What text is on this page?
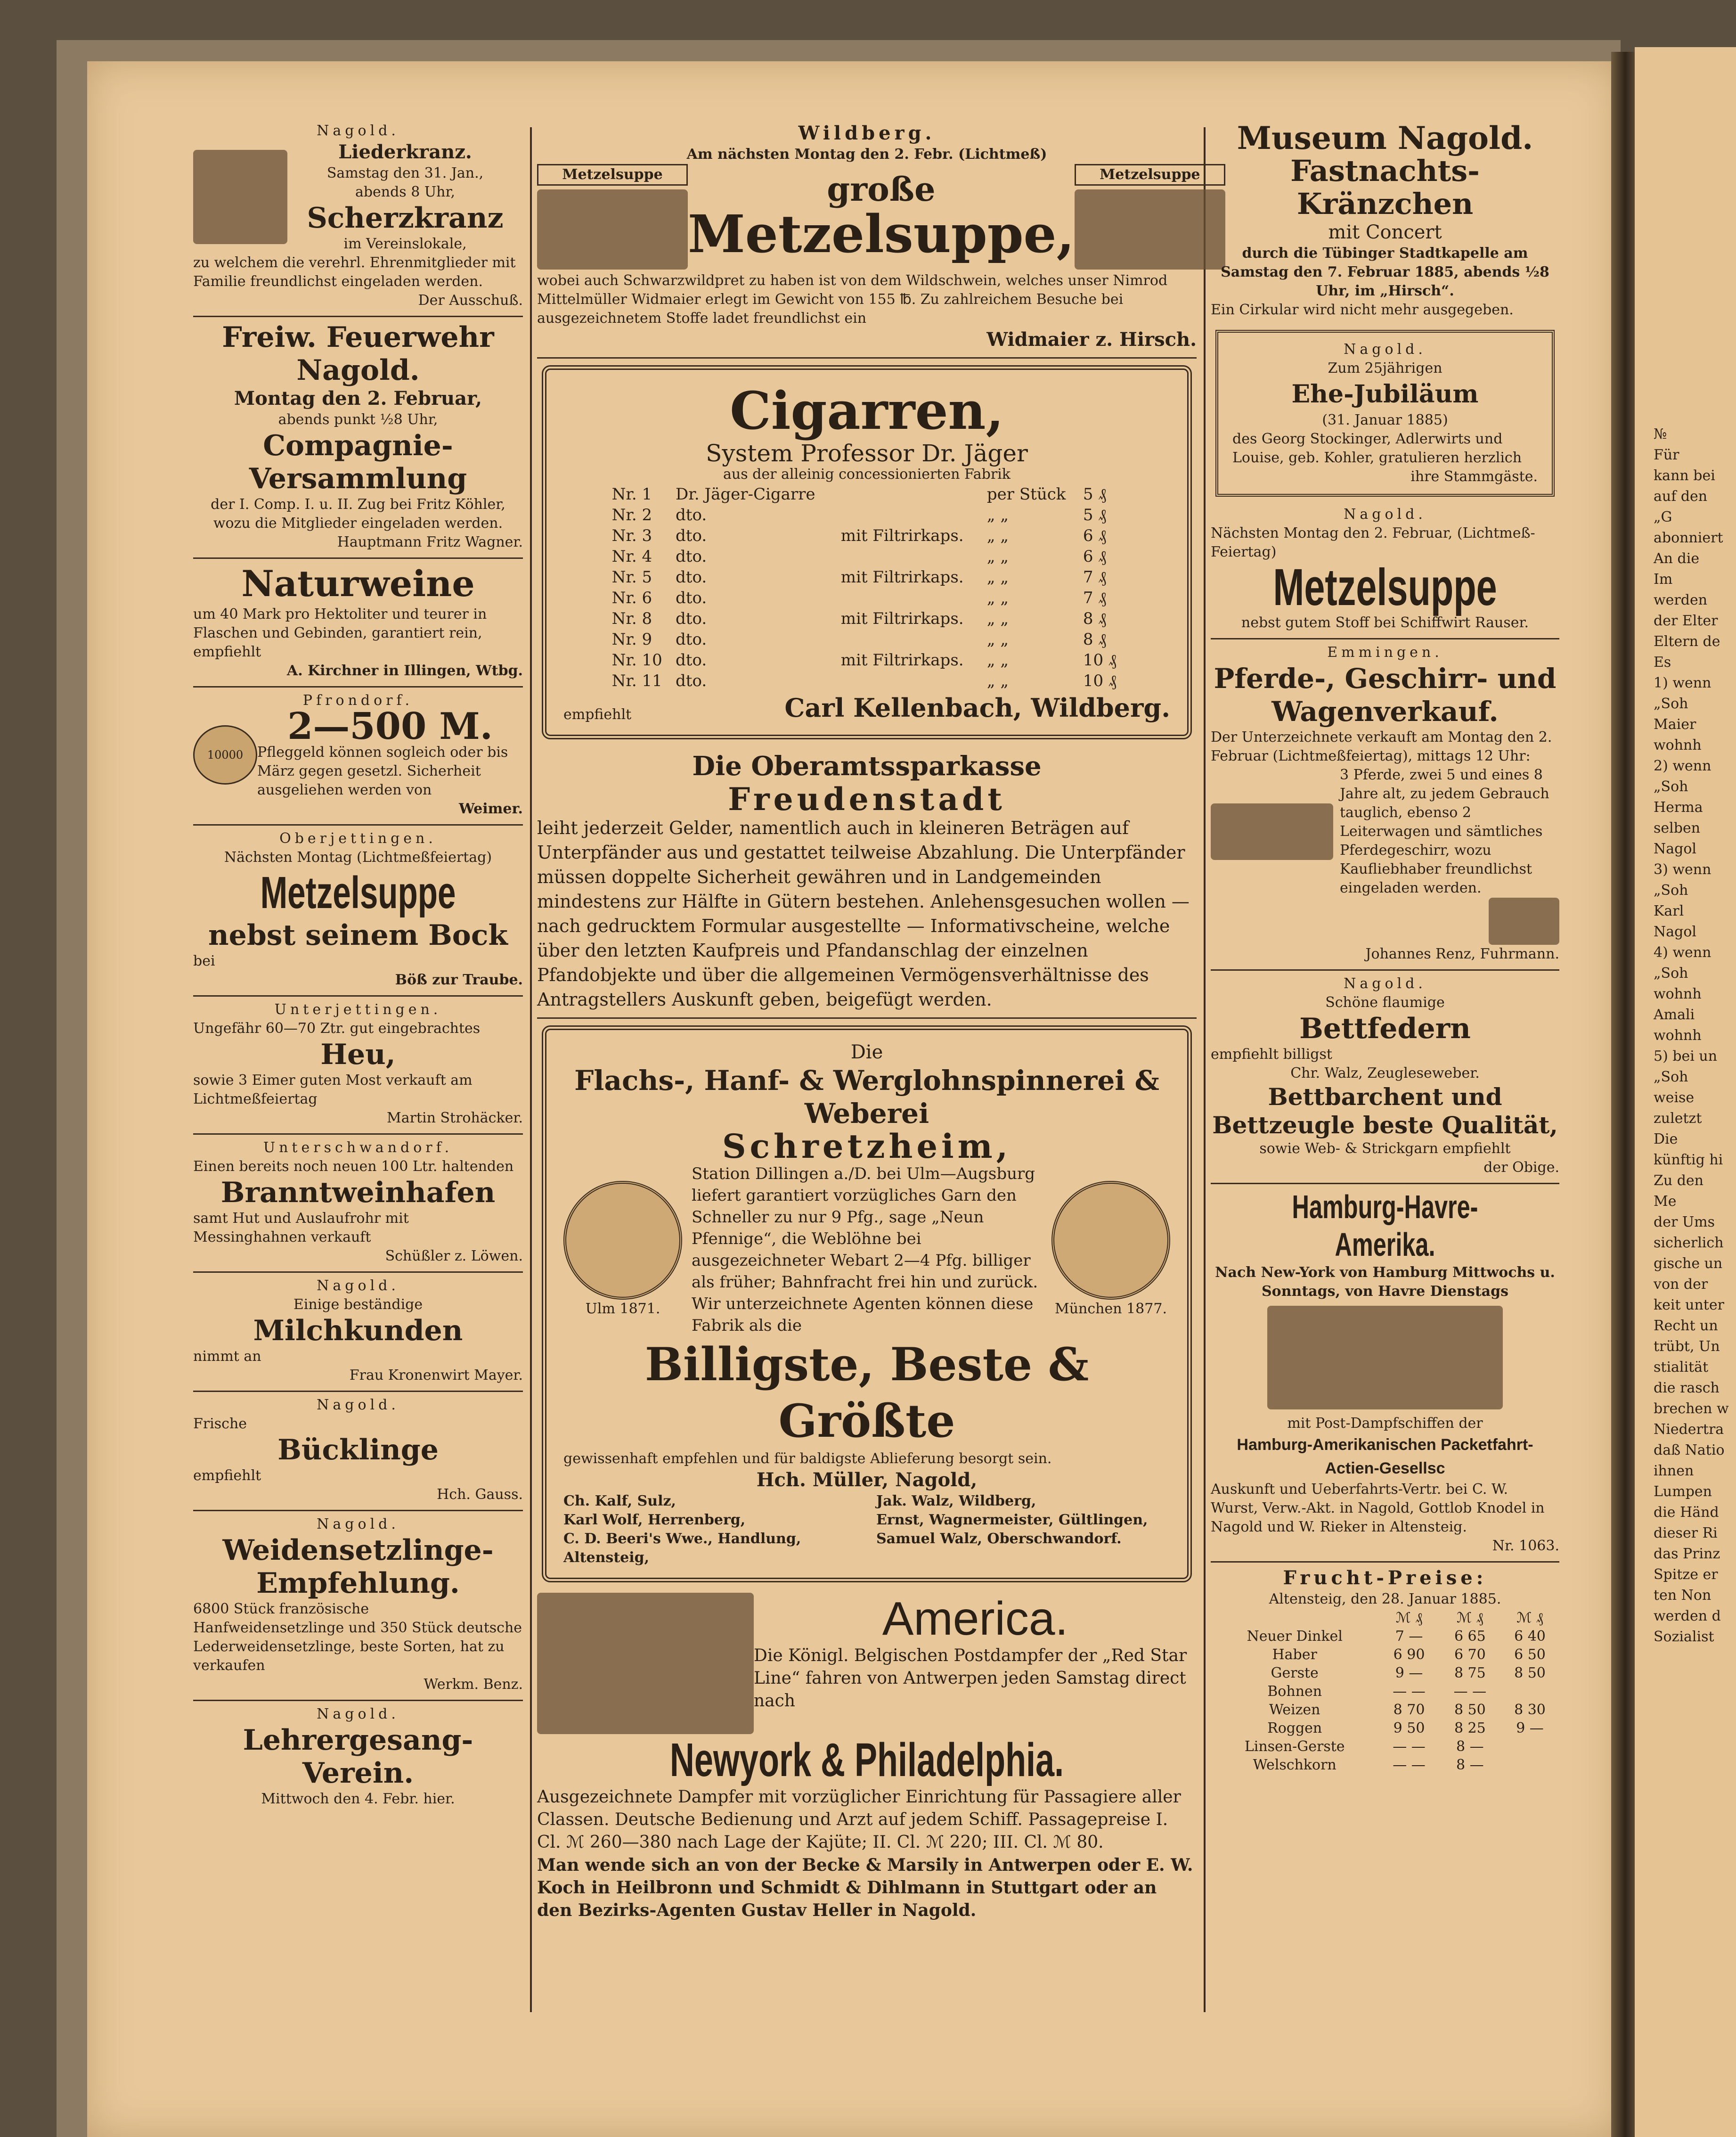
№
Für
kann bei
auf den
„G
abonniert
An die
Im
werden
der Elter
Eltern de
Es
1) wenn
„Soh
Maier
wohnh
2) wenn
„Soh
Herma
selben
Nagol
3) wenn
„Soh
Karl
Nagol
4) wenn
„Soh
wohnh
Amali
wohnh
5) bei un
„Soh
weise
zuletzt
Die
künftig hi
Zu den
Me
der Ums
sicherlich
gische un
von der
keit unter
Recht un
trübt, Un
stialität
die rasch
brechen w
Niedertra
daß Natio
ihnen
Lumpen
die Händ
dieser Ri
das Prinz
Spitze er
ten Non
werden d
Sozialist
Nagold.
Liederkranz.
Samstag den 31. Jan.,
abends 8 Uhr,
Scherzkranz
im Vereinslokale,
zu welchem die verehrl. Ehrenmitglieder mit Familie freundlichst eingeladen werden.
Der Ausschuß.
Freiw. Feuerwehr Nagold.
Montag den 2. Februar,
abends punkt ½8 Uhr,
Compagnie-Versammlung
der I. Comp. I. u. II. Zug bei Fritz Köhler, wozu die Mitglieder eingeladen werden.
Hauptmann Fritz Wagner.
Naturweine
um 40 Mark pro Hektoliter und teurer in Flaschen und Gebinden, garantiert rein, empfiehlt
A. Kirchner in Illingen, Wtbg.
Pfrondorf.
10000
2—500 M.
Pfleggeld können sogleich oder bis März gegen gesetzl. Sicherheit ausgeliehen werden von
Weimer.
Oberjettingen.
Nächsten Montag (Lichtmeßfeiertag)
Metzelsuppe
nebst seinem Bock
bei
Böß zur Traube.
Unterjettingen.
Ungefähr 60—70 Ztr. gut eingebrachtes
Heu,
sowie 3 Eimer guten Most verkauft am Lichtmeßfeiertag
Martin Strohäcker.
Unterschwandorf.
Einen bereits noch neuen 100 Ltr. haltenden
Branntweinhafen
samt Hut und Auslaufrohr mit Messinghahnen verkauft
Schüßler z. Löwen.
Nagold.
Einige beständige
Milchkunden
nimmt an
Frau Kronenwirt Mayer.
Nagold.
Frische
Bücklinge
empfiehlt
Hch. Gauss.
Nagold.
Weidensetzlinge-Empfehlung.
6800 Stück französische Hanfweidensetzlinge und 350 Stück deutsche Lederweidensetzlinge, beste Sorten, hat zu verkaufen
Werkm. Benz.
Nagold.
Lehrergesang-Verein.
Mittwoch den 4. Febr. hier.
Wildberg.
Am nächsten Montag den 2. Febr. (Lichtmeß)
Metzelsuppe	große
Metzelsuppe,
Metzelsuppe
wobei auch Schwarzwildpret zu haben ist von dem Wildschwein, welches unser Nimrod Mittelmüller Widmaier erlegt im Gewicht von 155 ℔. Zu zahlreichem Besuche bei ausgezeichnetem Stoffe ladet freundlichst ein
Widmaier z. Hirsch.
Cigarren,
System Professor Dr. Jäger
aus der alleinig concessionierten Fabrik
Nr. 1	Dr. Jäger-Cigarre		per Stück	5 ₰
Nr. 2	dto.		„ „	5 ₰
Nr. 3	dto.	mit Filtrirkaps.	„ „	6 ₰
Nr. 4	dto.		„ „	6 ₰
Nr. 5	dto.	mit Filtrirkaps.	„ „	7 ₰
Nr. 6	dto.		„ „	7 ₰
Nr. 8	dto.	mit Filtrirkaps.	„ „	8 ₰
Nr. 9	dto.		„ „	8 ₰
Nr. 10	dto.	mit Filtrirkaps.	„ „	10 ₰
Nr. 11	dto.		„ „	10 ₰
empfiehlt	Carl Kellenbach, Wildberg.
Die Oberamtssparkasse
Freudenstadt
leiht jederzeit Gelder, namentlich auch in kleineren Beträgen auf Unterpfänder aus und gestattet teilweise Abzahlung. Die Unterpfänder müssen doppelte Sicherheit gewähren und in Landgemeinden mindestens zur Hälfte in Gütern bestehen. Anlehensgesuchen wollen — nach gedrucktem Formular ausgestellte — Informativscheine, welche über den letzten Kaufpreis und Pfandanschlag der einzelnen Pfandobjekte und über die allgemeinen Vermögensverhältnisse des Antragstellers Auskunft geben, beigefügt werden.
Die
Flachs-, Hanf- & Werglohnspinnerei & Weberei
Schretzheim,
Ulm 1871.
Station Dillingen a./D. bei Ulm—Augsburg liefert garantiert vorzügliches Garn den Schneller zu nur 9 Pfg., sage „Neun Pfennige“, die Weblöhne bei ausgezeichneter Webart 2—4 Pfg. billiger als früher; Bahnfracht frei hin und zurück. Wir unterzeichnete Agenten können diese Fabrik als die
München 1877.
Billigste, Beste & Größte
gewissenhaft empfehlen und für baldigste Ablieferung besorgt sein.
Hch. Müller, Nagold,
Ch. Kalf, Sulz,
Karl Wolf, Herrenberg,
C. D. Beeri's Wwe., Handlung, Altensteig,
Jak. Walz, Wildberg,
Ernst, Wagnermeister, Gültlingen,
Samuel Walz, Oberschwandorf.
America.
Die Königl. Belgischen Postdampfer der „Red Star Line“ fahren von Antwerpen jeden Samstag direct nach
Newyork & Philadelphia.
Ausgezeichnete Dampfer mit vorzüglicher Einrichtung für Passagiere aller Classen. Deutsche Bedienung und Arzt auf jedem Schiff. Passagepreise I. Cl. ℳ 260—380 nach Lage der Kajüte; II. Cl. ℳ 220; III. Cl. ℳ 80.
Man wende sich an von der Becke & Marsily in Antwerpen oder E. W. Koch in Heilbronn und Schmidt & Dihlmann in Stuttgart oder an den Bezirks-Agenten Gustav Heller in Nagold.
Museum Nagold.
Fastnachts-Kränzchen
mit Concert
durch die Tübinger Stadtkapelle am Samstag den 7. Februar 1885, abends ½8 Uhr, im „Hirsch“.
Ein Cirkular wird nicht mehr ausgegeben.
Nagold.
Zum 25jährigen
Ehe-Jubiläum
(31. Januar 1885)
des Georg Stockinger, Adlerwirts und Louise, geb. Kohler, gratulieren herzlich
ihre Stammgäste.
Nagold.
Nächsten Montag den 2. Februar, (Lichtmeß-Feiertag)
Metzelsuppe
nebst gutem Stoff bei Schiffwirt Rauser.
Emmingen.
Pferde-, Geschirr- und Wagenverkauf.
Der Unterzeichnete verkauft am Montag den 2. Februar (Lichtmeßfeiertag), mittags 12 Uhr:
3 Pferde, zwei 5 und eines 8 Jahre alt, zu jedem Gebrauch tauglich, ebenso 2 Leiterwagen und sämtliches Pferdegeschirr, wozu Kaufliebhaber freundlichst eingeladen werden.
Johannes Renz, Fuhrmann.
Nagold.
Schöne flaumige
Bettfedern
empfiehlt billigst
Chr. Walz, Zeugleseweber.
Bettbarchent und Bettzeugle beste Qualität,
sowie Web- & Strickgarn empfiehlt
der Obige.
Hamburg-Havre-Amerika.
Nach New-York von Hamburg Mittwochs u. Sonntags, von Havre Dienstags
mit Post-Dampfschiffen der
Hamburg-Amerikanischen Packetfahrt-Actien-Gesellsc
Auskunft und Ueberfahrts-Vertr. bei C. W. Wurst, Verw.-Akt. in Nagold, Gottlob Knodel in Nagold und W. Rieker in Altensteig.
Nr. 1063.
Frucht-Preise:
Altensteig, den 28. Januar 1885.
	ℳ ₰	ℳ ₰	ℳ ₰
Neuer Dinkel	7 —	6 65	6 40
Haber	6 90	6 70	6 50
Gerste	9 —	8 75	8 50
Bohnen	— —	— —	
Weizen	8 70	8 50	8 30
Roggen	9 50	8 25	9 —
Linsen-Gerste	— —	8 —	
Welschkorn	— —	8 —	
